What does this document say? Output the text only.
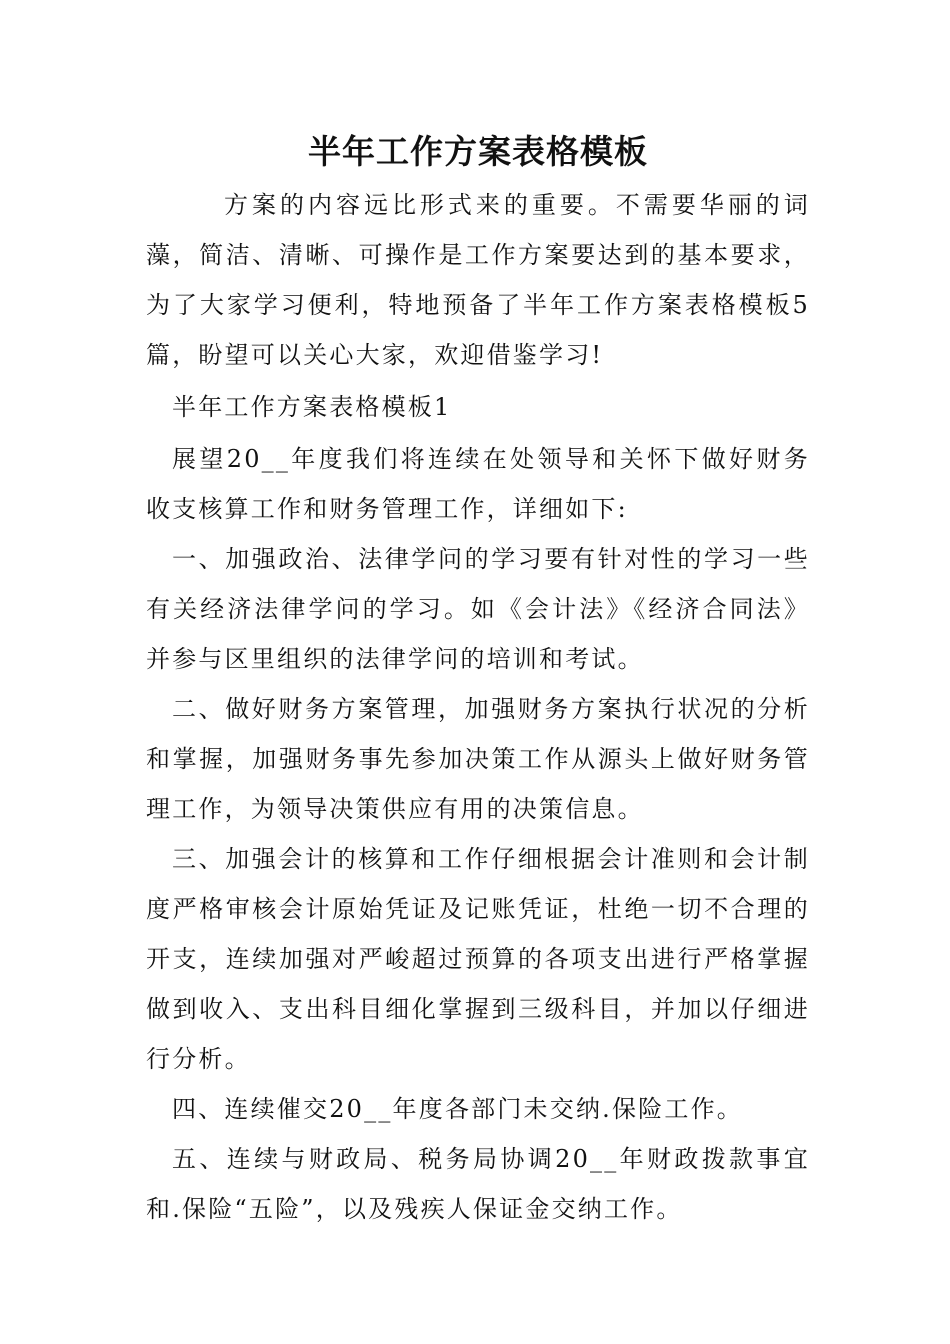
半年工作方案表格模板

方案的内容远比形式来的重要。不需要华丽的词藻，简洁、清晰、可操作是工作方案要达到的基本要求，为了大家学习便利，特地预备了半年工作方案表格模板5篇，盼望可以关心大家，欢迎借鉴学习!

半年工作方案表格模板1

展望20__年度我们将连续在处领导和关怀下做好财务收支核算工作和财务管理工作，详细如下:

一、加强政治、法律学问的学习要有针对性的学习一些有关经济法律学问的学习。如《会计法》《经济合同法》并参与区里组织的法律学问的培训和考试。

二、做好财务方案管理，加强财务方案执行状况的分析和掌握，加强财务事先参加决策工作从源头上做好财务管理工作，为领导决策供应有用的决策信息。

三、加强会计的核算和工作仔细根据会计准则和会计制度严格审核会计原始凭证及记账凭证，杜绝一切不合理的开支，连续加强对严峻超过预算的各项支出进行严格掌握做到收入、支出科目细化掌握到三级科目，并加以仔细进行分析。

四、连续催交20__年度各部门未交纳.保险工作。

五、连续与财政局、税务局协调20__年财政拨款事宜和.保险“五险”，以及残疾人保证金交纳工作。
